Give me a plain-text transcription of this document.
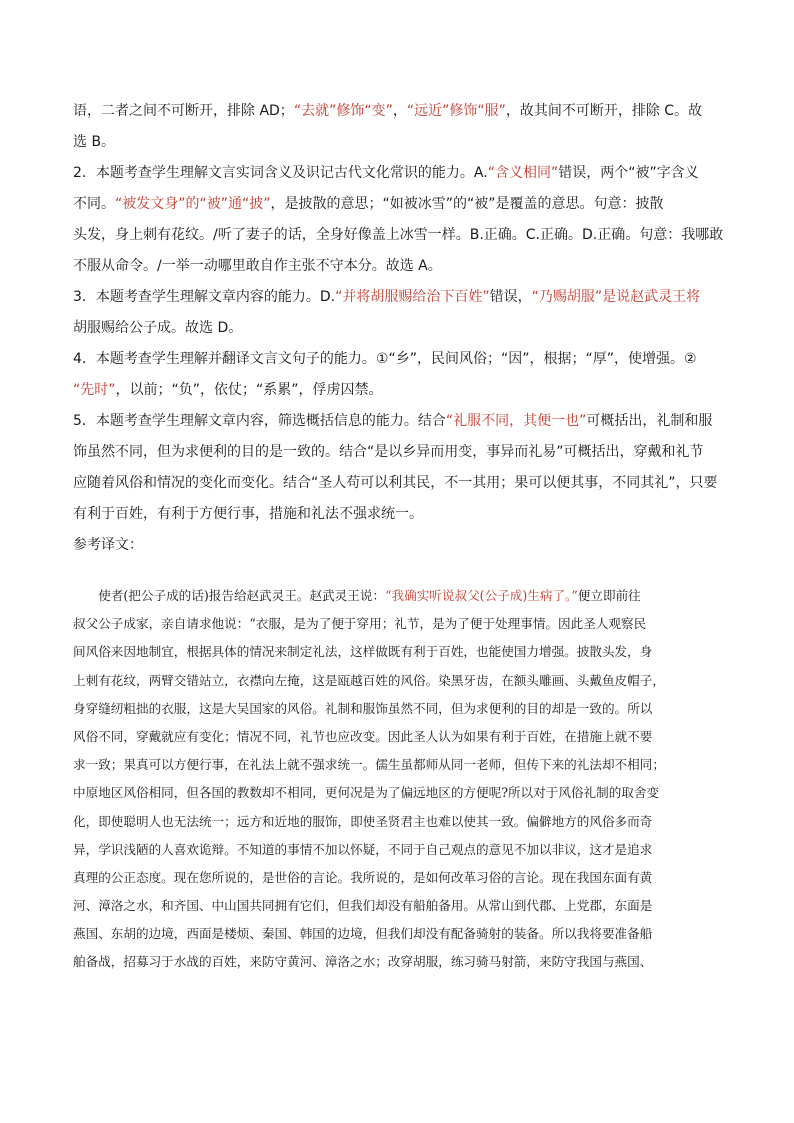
语，二者之间不可断开，排除 AD；“去就”修饰“变”，“远近”修饰“服”，故其间不可断开，排除 C。故
选 B。
2．本题考查学生理解文言实词含义及识记古代文化常识的能力。A.“含义相同”错误，两个“被”字含义
不同。“被发文身”的“被”通“披”，是披散的意思；“如被冰雪”的“被”是覆盖的意思。句意：披散
头发，身上刺有花纹。/听了妻子的话，全身好像盖上冰雪一样。B.正确。C.正确。D.正确。句意：我哪敢
不服从命令。/一举一动哪里敢自作主张不守本分。故选 A。
3．本题考查学生理解文章内容的能力。D.“并将胡服赐给治下百姓”错误，“乃赐胡服”是说赵武灵王将
胡服赐给公子成。故选 D。
4．本题考查学生理解并翻译文言文句子的能力。①“乡”，民间风俗；“因”，根据；“厚”，使增强。②
“先时”，以前；“负”，依仗；“系累”，俘虏囚禁。
5．本题考查学生理解文章内容，筛选概括信息的能力。结合“礼服不同，其便一也”可概括出，礼制和服
饰虽然不同，但为求便利的目的是一致的。结合“是以乡异而用变，事异而礼易”可概括出，穿戴和礼节
应随着风俗和情况的变化而变化。结合“圣人苟可以利其民，不一其用；果可以便其事，不同其礼”，只要
有利于百姓，有利于方便行事，措施和礼法不强求统一。
参考译文：
　　使者(把公子成的话)报告给赵武灵王。赵武灵王说：“我确实听说叔父(公子成)生病了。”便立即前往
叔父公子成家，亲自请求他说：“衣服，是为了便于穿用；礼节，是为了便于处理事情。因此圣人观察民
间风俗来因地制宜，根据具体的情况来制定礼法，这样做既有利于百姓，也能使国力增强。披散头发，身
上刺有花纹，两臂交错站立，衣襟向左掩，这是瓯越百姓的风俗。染黑牙齿，在额头雕画、头戴鱼皮帽子，
身穿缝纫粗拙的衣服，这是大吴国家的风俗。礼制和服饰虽然不同，但为求便利的目的却是一致的。所以
风俗不同，穿戴就应有变化；情况不同，礼节也应改变。因此圣人认为如果有利于百姓，在措施上就不要
求一致；果真可以方便行事，在礼法上就不强求统一。儒生虽都师从同一老师，但传下来的礼法却不相同；
中原地区风俗相同，但各国的教数却不相同，更何况是为了偏远地区的方便呢?所以对于风俗礼制的取舍变
化，即使聪明人也无法统一；远方和近地的服饰，即使圣贤君主也难以使其一致。偏僻地方的风俗多而奇
异，学识浅陋的人喜欢诡辩。不知道的事情不加以怀疑，不同于自己观点的意见不加以非议，这才是追求
真理的公正态度。现在您所说的，是世俗的言论。我所说的，是如何改革习俗的言论。现在我国东面有黄
河、漳洛之水，和齐国、中山国共同拥有它们，但我们却没有船舶备用。从常山到代郡、上党郡，东面是
燕国、东胡的边境，西面是楼烦、秦国、韩国的边境，但我们却没有配备骑射的装备。所以我将要准备船
舶备战，招募习于水战的百姓，来防守黄河、漳洛之水；改穿胡服，练习骑马射箭，来防守我国与燕国、
